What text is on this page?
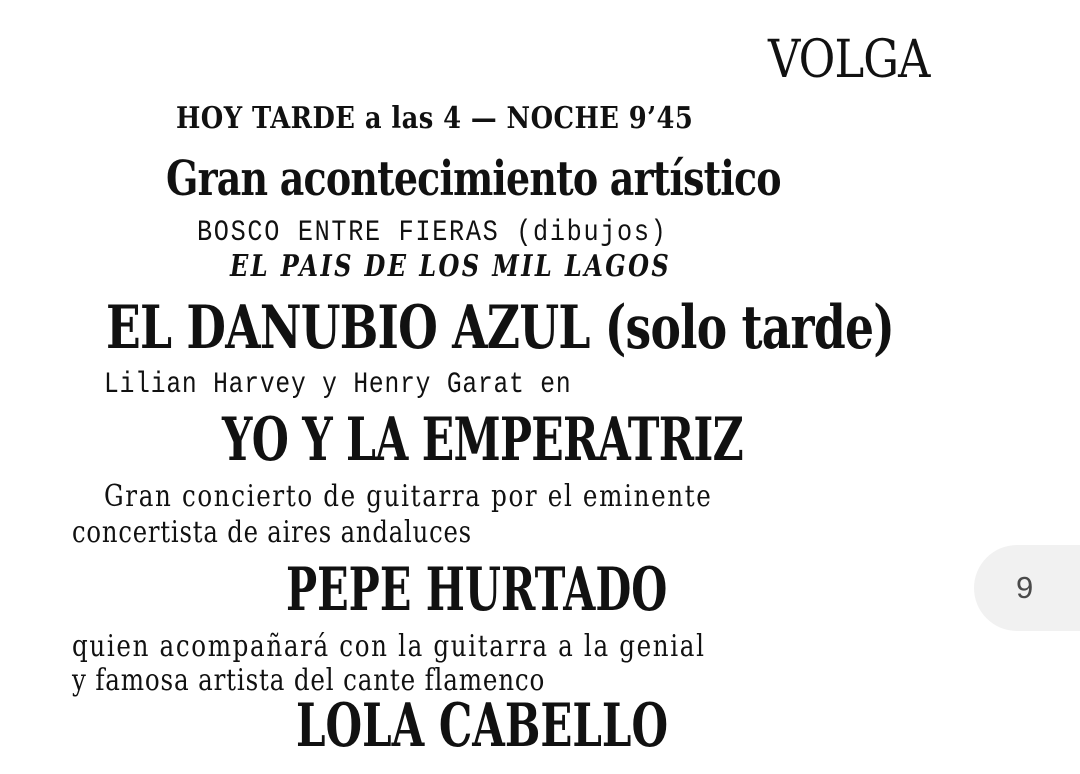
VOLGA
HOY TARDE a las 4 — NOCHE 9’45
Gran acontecimiento artístico
BOSCO ENTRE FIERAS (dibujos)
EL PAIS DE LOS MIL LAGOS
EL DANUBIO AZUL (solo tarde)
Lilian Harvey y Henry Garat en
YO Y LA EMPERATRIZ
Gran concierto de guitarra por el eminente
concertista de aires andaluces
PEPE HURTADO
quien acompañará con la guitarra a la genial
y famosa artista del cante flamenco
LOLA CABELLO
9
